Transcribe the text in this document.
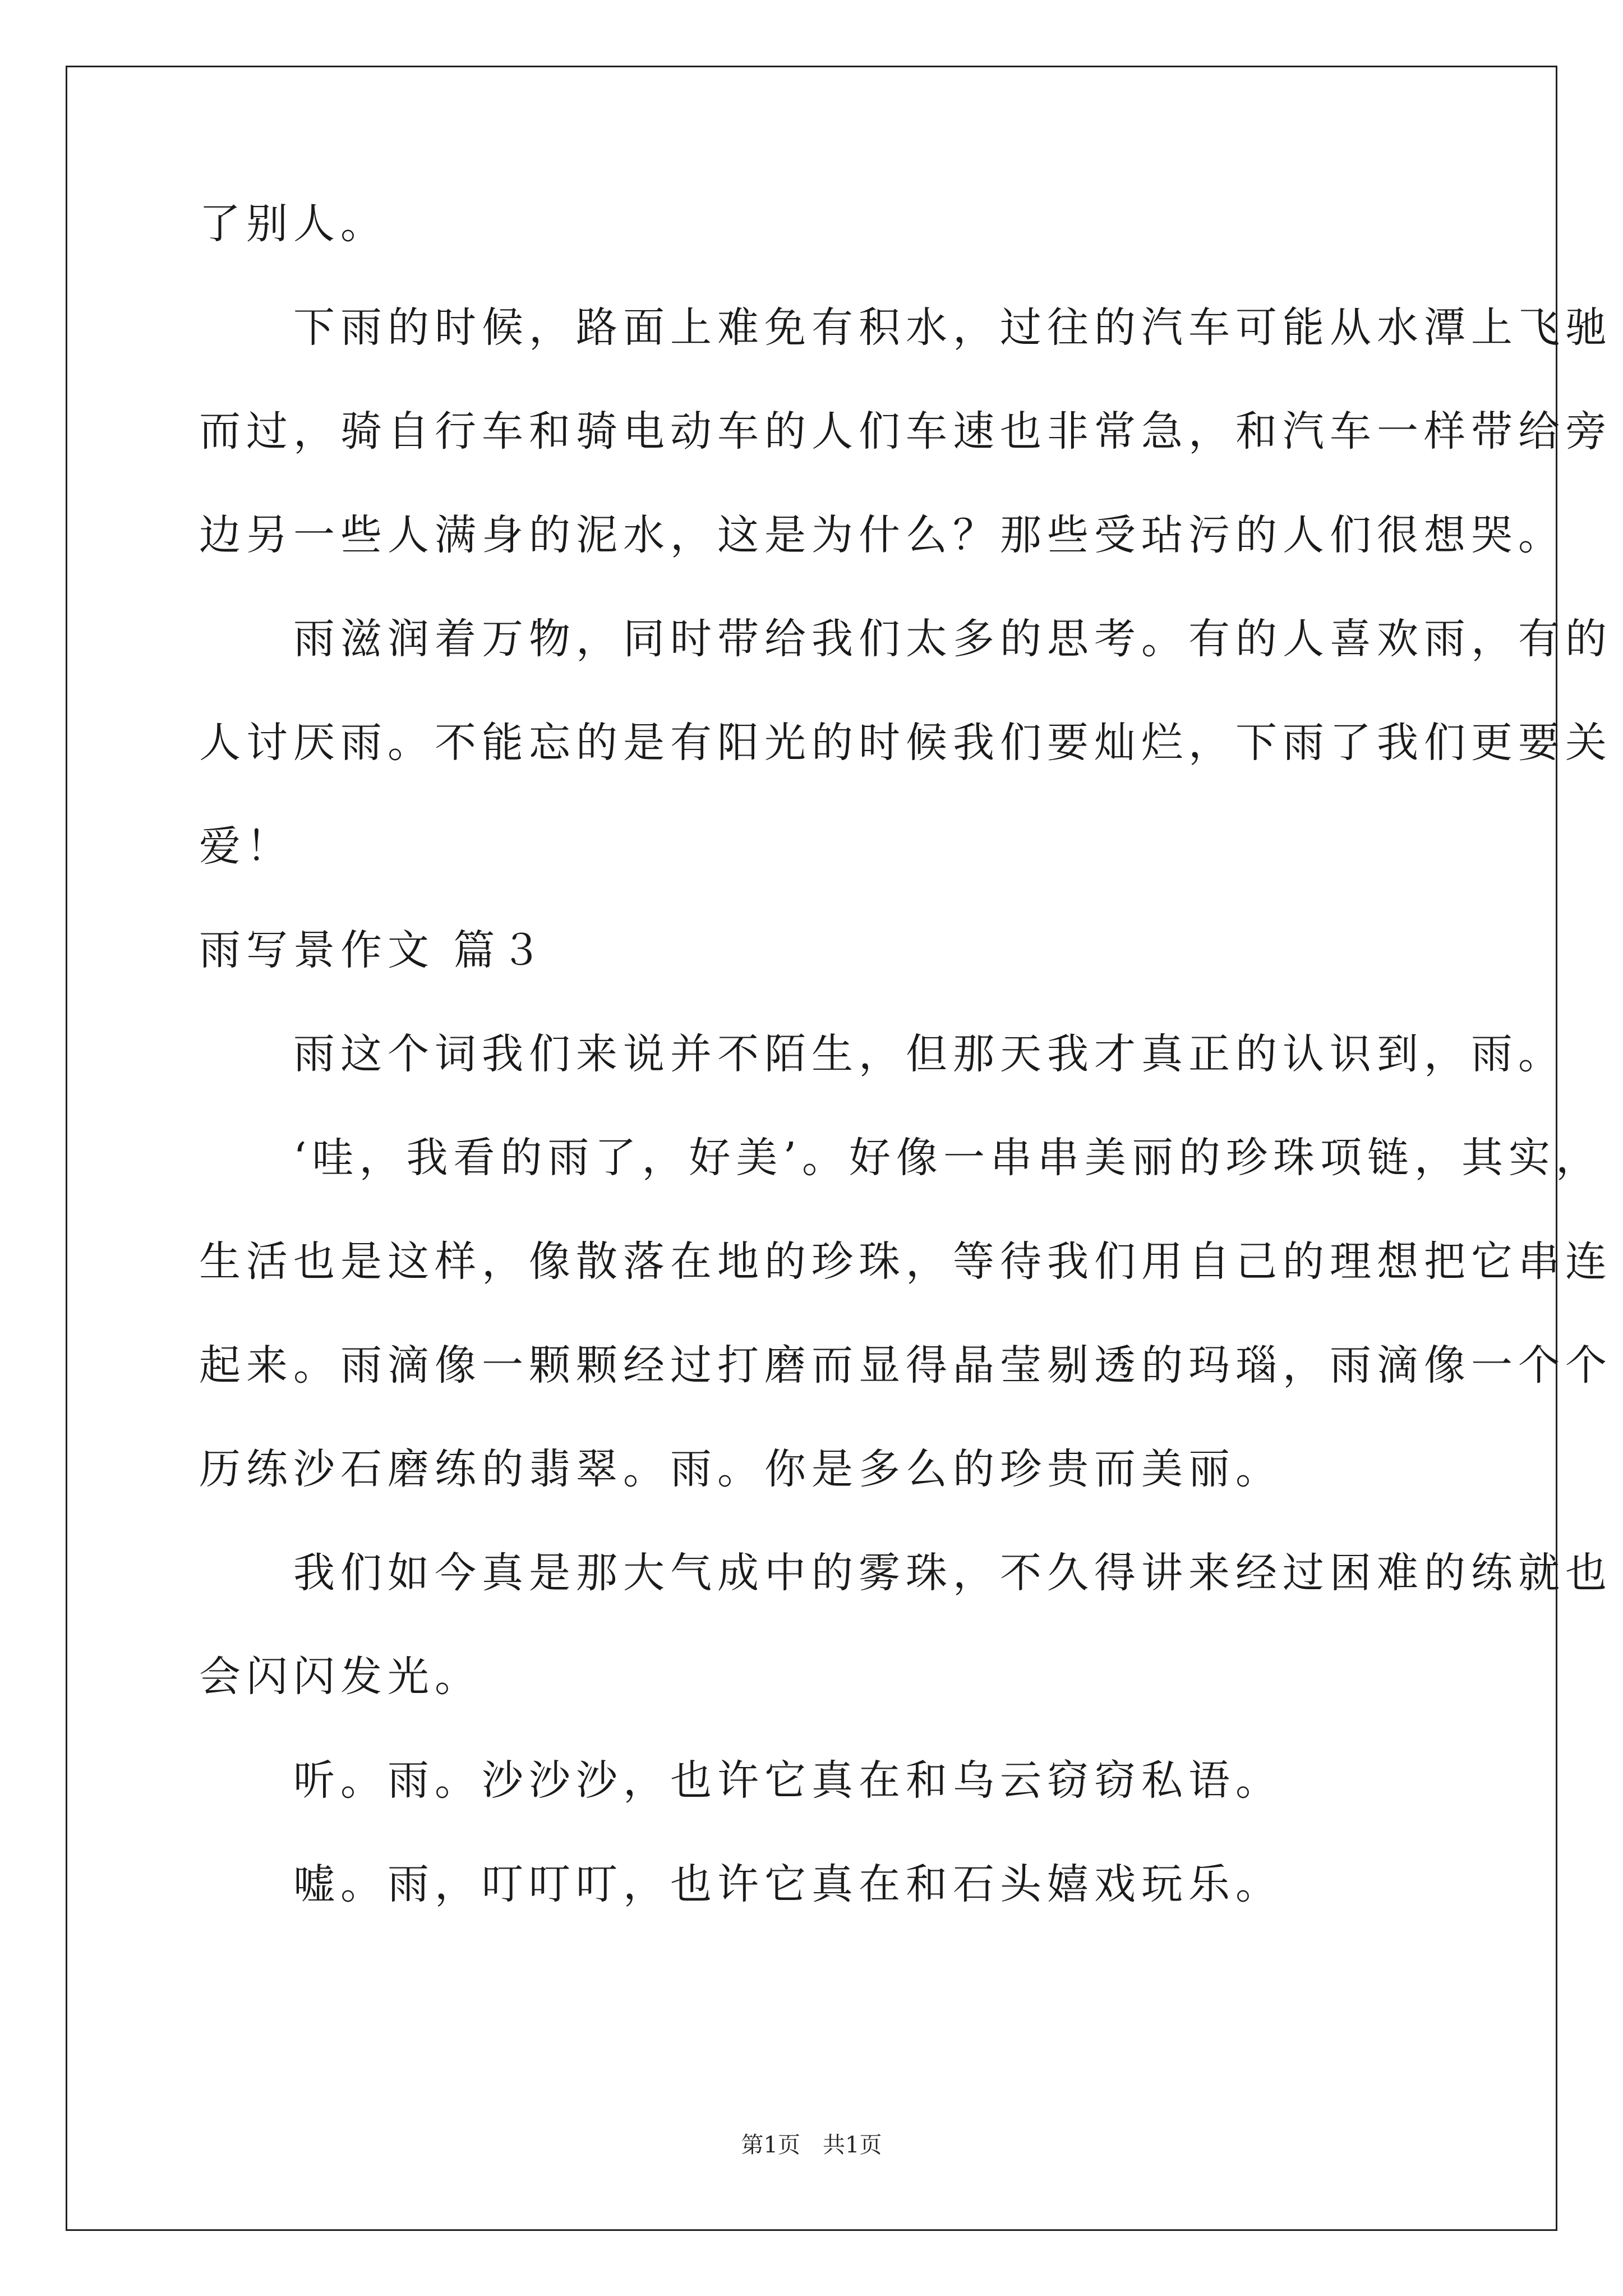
了别人。

　　下雨的时候，路面上难免有积水，过往的汽车可能从水潭上飞驰

而过，骑自行车和骑电动车的人们车速也非常急，和汽车一样带给旁

边另一些人满身的泥水，这是为什么？那些受玷污的人们很想哭。

　　雨滋润着万物，同时带给我们太多的思考。有的人喜欢雨，有的

人讨厌雨。不能忘的是有阳光的时候我们要灿烂，下雨了我们更要关

爱！

雨写景作文 篇３

　　雨这个词我们来说并不陌生，但那天我才真正的认识到，雨。

　　‘哇，我看的雨了，好美’。好像一串串美丽的珍珠项链，其实，

生活也是这样，像散落在地的珍珠，等待我们用自己的理想把它串连

起来。雨滴像一颗颗经过打磨而显得晶莹剔透的玛瑙，雨滴像一个个

历练沙石磨练的翡翠。雨。你是多么的珍贵而美丽。

　　我们如今真是那大气成中的雾珠，不久得讲来经过困难的练就也

会闪闪发光。

　　听。雨。沙沙沙，也许它真在和乌云窃窃私语。

　　嘘。雨，叮叮叮，也许它真在和石头嬉戏玩乐。

第1页　共1页
